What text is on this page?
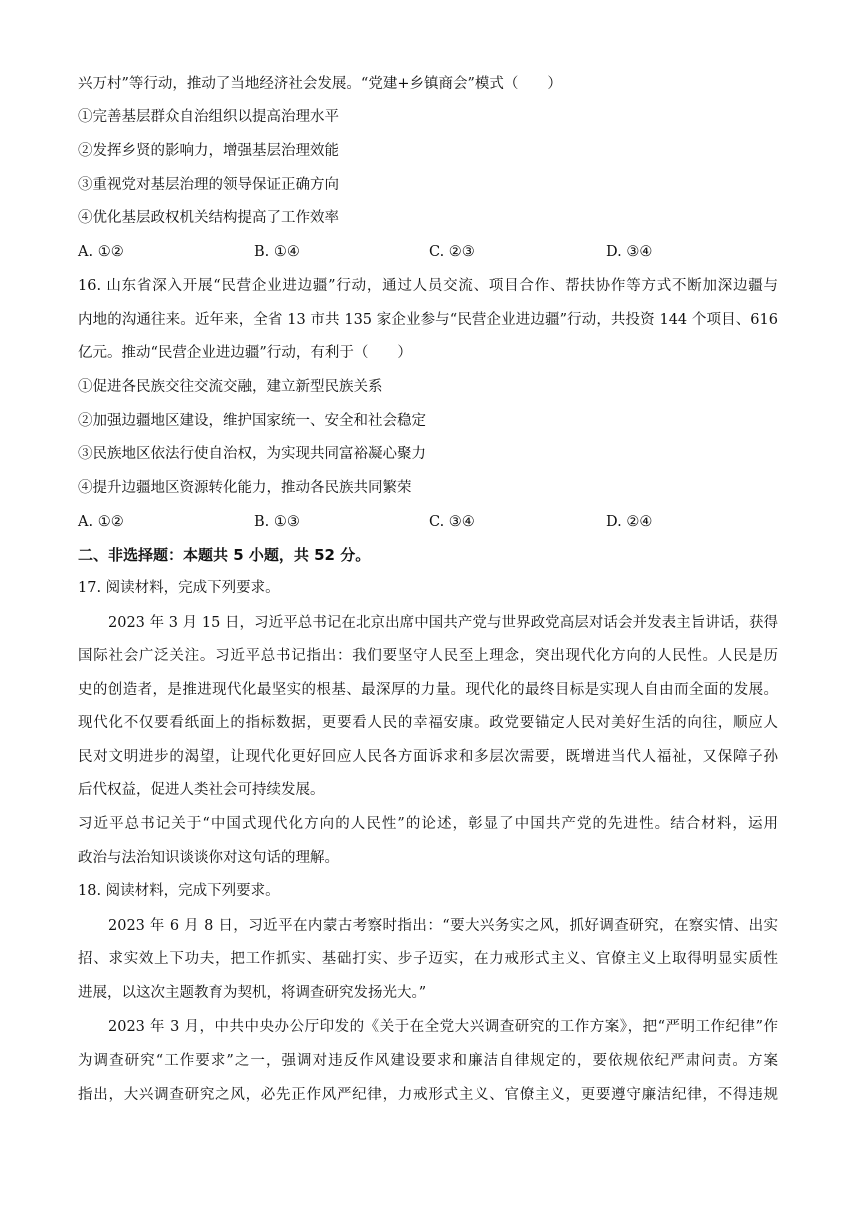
兴万村”等行动，推动了当地经济社会发展。“党建+乡镇商会”模式（　　）
①完善基层群众自治组织以提高治理水平
②发挥乡贤的影响力，增强基层治理效能
③重视党对基层治理的领导保证正确方向
④优化基层政权机关结构提高了工作效率
A. ①②	B. ①④	C. ②③	D. ③④
16. 山东省深入开展“民营企业进边疆”行动，通过人员交流、项目合作、帮扶协作等方式不断加深边疆与
内地的沟通往来。近年来，全省 13 市共 135 家企业参与“民营企业进边疆”行动，共投资 144 个项目、616
亿元。推动“民营企业进边疆”行动，有利于（　　）
①促进各民族交往交流交融，建立新型民族关系
②加强边疆地区建设，维护国家统一、安全和社会稳定
③民族地区依法行使自治权，为实现共同富裕凝心聚力
④提升边疆地区资源转化能力，推动各民族共同繁荣
A. ①②	B. ①③	C. ③④	D. ②④
二、非选择题：本题共 5 小题，共 52 分。
17. 阅读材料，完成下列要求。
2023 年 3 月 15 日，习近平总书记在北京出席中国共产党与世界政党高层对话会并发表主旨讲话，获得
国际社会广泛关注。习近平总书记指出：我们要坚守人民至上理念，突出现代化方向的人民性。人民是历
史的创造者，是推进现代化最坚实的根基、最深厚的力量。现代化的最终目标是实现人自由而全面的发展。
现代化不仅要看纸面上的指标数据，更要看人民的幸福安康。政党要锚定人民对美好生活的向往，顺应人
民对文明进步的渴望，让现代化更好回应人民各方面诉求和多层次需要，既增进当代人福祉，又保障子孙
后代权益，促进人类社会可持续发展。
习近平总书记关于“中国式现代化方向的人民性”的论述，彰显了中国共产党的先进性。结合材料，运用
政治与法治知识谈谈你对这句话的理解。
18. 阅读材料，完成下列要求。
2023 年 6 月 8 日，习近平在内蒙古考察时指出：“要大兴务实之风，抓好调查研究，在察实情、出实
招、求实效上下功夫，把工作抓实、基础打实、步子迈实，在力戒形式主义、官僚主义上取得明显实质性
进展，以这次主题教育为契机，将调查研究发扬光大。”
2023 年 3 月，中共中央办公厅印发的《关于在全党大兴调查研究的工作方案》，把“严明工作纪律”作
为调查研究“工作要求”之一，强调对违反作风建设要求和廉洁自律规定的，要依规依纪严肃问责。方案
指出，大兴调查研究之风，必先正作风严纪律，力戒形式主义、官僚主义，更要遵守廉洁纪律，不得违规
